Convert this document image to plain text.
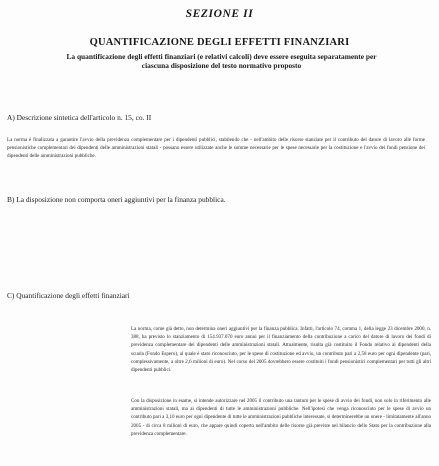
SEZIONE II
QUANTIFICAZIONE DEGLI EFFETTI FINANZIARI
La quantificazione degli effetti finanziari (e relativi calcoli) deve essere eseguita separatamente per
ciascuna disposizione del testo normativo proposto
A) Descrizione sintetica dell'articolo n. 15, co. II

La norma è finalizzata a garantire l'avvio della previdenza complementare per i dipendenti pubblici, stabilendo che - nell'ambito delle risorse stanziate per il contributo del datore di lavoro alle forme pensionistiche complementari dei dipendenti delle amministrazioni statali - possano essere utilizzate anche le somme necessarie per le spese necessarie per la costituzione e l'avvio dei fondi pensione dei dipendenti delle amministrazioni pubbliche.

B) La disposizione non comporta oneri aggiuntivi per la finanza pubblica.
C) Quantificazione degli effetti finanziari

La norma, come già detto, non determina oneri aggiuntivi per la finanza pubblica. Infatti, l'articolo 74, comma 1, della legge 23 dicembre 2000, n. 388, ha previsto lo stanziamento di 154.937.070 euro annui per il finanziamento della contribuzione a carico del datore di lavoro dei fondi di previdenza complementare dei dipendenti delle amministrazioni statali. Attualmente, risulta già costituito il Fondo relativo ai dipendenti della scuola (Fondo Espero), al quale è stato riconosciuto, per le spese di costituzione ed avvio, un contributo pari a 2,58 euro per ogni dipendente (pari, complessivamente, a oltre 2,6 milioni di euro). Nel corso del 2005 dovrebbero essere costituiti i fondi pensionistici complementari per tutti gli altri dipendenti pubblici.

Con la disposizione in esame, si intende autorizzare nel 2005 il contributo una tantum per le spese di avvio dei fondi, non solo in riferimento alle amministrazioni statali, ma ai dipendenti di tutte le amministrazioni pubbliche. Nell'ipotesi che venga riconosciuto per le spese di avvio un contributo pari a 3,10 euro per ogni dipendente di tutte le amministrazioni pubbliche interessate, si determinerebbe un onere - limitatamente all'anno 2005 - di circa 8 milioni di euro, che appare quindi coperto nell'ambito delle risorse già previste nel bilancio dello Stato per la contribuzione alla previdenza complementare.
